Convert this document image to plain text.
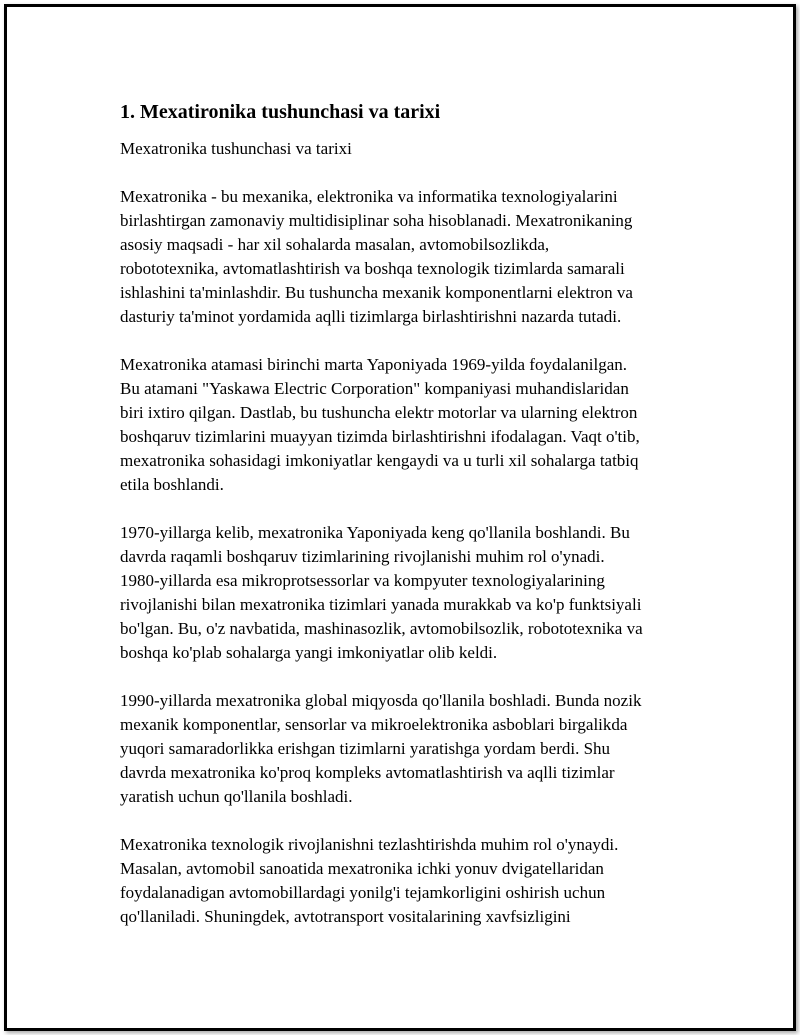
1. Mexatironika tushunchasi va tarixi
Mexatronika tushunchasi va tarixi
Mexatronika - bu mexanika, elektronika va informatika texnologiyalarini
birlashtirgan zamonaviy multidisiplinar soha hisoblanadi. Mexatronikaning
asosiy maqsadi - har xil sohalarda masalan, avtomobilsozlikda,
robototexnika, avtomatlashtirish va boshqa texnologik tizimlarda samarali
ishlashini ta'minlashdir. Bu tushuncha mexanik komponentlarni elektron va
dasturiy ta'minot yordamida aqlli tizimlarga birlashtirishni nazarda tutadi.
Mexatronika atamasi birinchi marta Yaponiyada 1969-yilda foydalanilgan.
Bu atamani "Yaskawa Electric Corporation" kompaniyasi muhandislaridan
biri ixtiro qilgan. Dastlab, bu tushuncha elektr motorlar va ularning elektron
boshqaruv tizimlarini muayyan tizimda birlashtirishni ifodalagan. Vaqt o'tib,
mexatronika sohasidagi imkoniyatlar kengaydi va u turli xil sohalarga tatbiq
etila boshlandi.
1970-yillarga kelib, mexatronika Yaponiyada keng qo'llanila boshlandi. Bu
davrda raqamli boshqaruv tizimlarining rivojlanishi muhim rol o'ynadi.
1980-yillarda esa mikroprotsessorlar va kompyuter texnologiyalarining
rivojlanishi bilan mexatronika tizimlari yanada murakkab va ko'p funktsiyali
bo'lgan. Bu, o'z navbatida, mashinasozlik, avtomobilsozlik, robototexnika va
boshqa ko'plab sohalarga yangi imkoniyatlar olib keldi.
1990-yillarda mexatronika global miqyosda qo'llanila boshladi. Bunda nozik
mexanik komponentlar, sensorlar va mikroelektronika asboblari birgalikda
yuqori samaradorlikka erishgan tizimlarni yaratishga yordam berdi. Shu
davrda mexatronika ko'proq kompleks avtomatlashtirish va aqlli tizimlar
yaratish uchun qo'llanila boshladi.
Mexatronika texnologik rivojlanishni tezlashtirishda muhim rol o'ynaydi.
Masalan, avtomobil sanoatida mexatronika ichki yonuv dvigatellaridan
foydalanadigan avtomobillardagi yonilg'i tejamkorligini oshirish uchun
qo'llaniladi. Shuningdek, avtotransport vositalarining xavfsizligini
